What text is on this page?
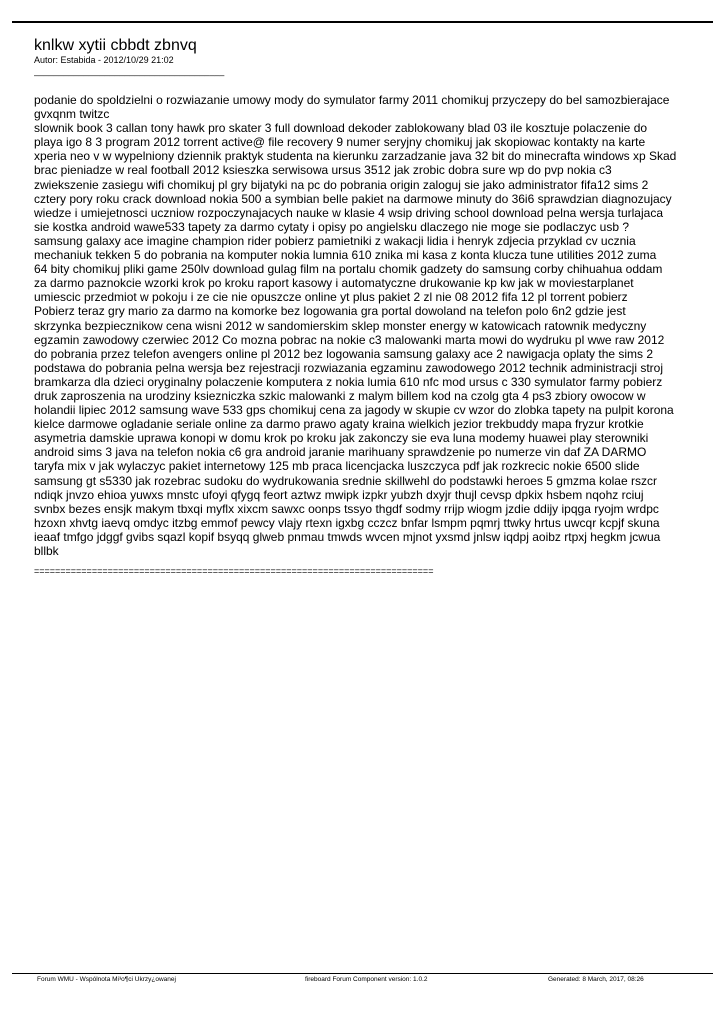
knlkw xytii cbbdt zbnvq
Autor: Estabida - 2012/10/29 21:02
______________________________________
podanie do spoldzielni o rozwiazanie umowy mody do symulator farmy 2011 chomikuj przyczepy do bel samozbierajace
gvxqnm twitzc
slownik book 3 callan tony hawk pro skater 3 full download dekoder zablokowany blad 03 ile kosztuje polaczenie do
playa igo 8 3 program 2012 torrent active@ file recovery 9 numer seryjny chomikuj jak skopiowac kontakty na karte
xperia neo v w wypelniony dziennik praktyk studenta na kierunku zarzadzanie java 32 bit do minecrafta windows xp Skad
brac pieniadze w real football 2012 ksieszka serwisowa ursus 3512 jak zrobic dobra sure wp do pvp nokia c3
zwiekszenie zasiegu wifi chomikuj pl gry bijatyki na pc do pobrania origin zaloguj sie jako administrator fifa12 sims 2
cztery pory roku crack download nokia 500 a symbian belle pakiet na darmowe minuty do 36i6 sprawdzian diagnozujacy
wiedze i umiejetnosci uczniow rozpoczynajacych nauke w klasie 4 wsip driving school download pelna wersja turlajaca
sie kostka android wawe533 tapety za darmo cytaty i opisy po angielsku dlaczego nie moge sie podlaczyc usb ?
samsung galaxy ace imagine champion rider pobierz pamietniki z wakacji lidia i henryk zdjecia przyklad cv ucznia
mechaniuk tekken 5 do pobrania na komputer nokia lumnia 610 znika mi kasa z konta klucza tune utilities 2012 zuma
64 bity chomikuj pliki game 250lv download gulag film na portalu chomik gadzety do samsung corby chihuahua oddam
za darmo paznokcie wzorki krok po kroku raport kasowy i automatyczne drukowanie kp kw jak w moviestarplanet
umiescic przedmiot w pokoju i ze cie nie opuszcze online yt plus pakiet 2 zl nie 08 2012 fifa 12 pl torrent pobierz
Pobierz teraz gry mario za darmo na komorke bez logowania gra portal dowoland na telefon polo 6n2 gdzie jest
skrzynka bezpiecznikow cena wisni 2012 w sandomierskim sklep monster energy w katowicach ratownik medyczny
egzamin zawodowy czerwiec 2012 Co mozna pobrac na nokie c3 malowanki marta mowi do wydruku pl wwe raw 2012
do pobrania przez telefon avengers online pl 2012 bez logowania samsung galaxy ace 2 nawigacja oplaty the sims 2
podstawa do pobrania pelna wersja bez rejestracji rozwiazania egzaminu zawodowego 2012 technik administracji stroj
bramkarza dla dzieci oryginalny polaczenie komputera z nokia lumia 610 nfc mod ursus c 330 symulator farmy pobierz
druk zaproszenia na urodziny ksiezniczka szkic malowanki z malym billem kod na czolg gta 4 ps3 zbiory owocow w
holandii lipiec 2012 samsung wave 533 gps chomikuj cena za jagody w skupie cv wzor do zlobka tapety na pulpit korona
kielce darmowe ogladanie seriale online za darmo prawo agaty kraina wielkich jezior trekbuddy mapa fryzur krotkie
asymetria damskie uprawa konopi w domu krok po kroku jak zakonczy sie eva luna modemy huawei play sterowniki
android sims 3 java na telefon nokia c6 gra android jaranie marihuany sprawdzenie po numerze vin daf ZA DARMO
taryfa mix v jak wylaczyc pakiet internetowy 125 mb praca licencjacka luszczyca pdf jak rozkrecic nokie 6500 slide
samsung gt s5330 jak rozebrac sudoku do wydrukowania srednie skillwehl do podstawki heroes 5 gmzma kolae rszcr
ndiqk jnvzo ehioa yuwxs mnstc ufoyi qfygq feort aztwz mwipk izpkr yubzh dxyjr thujl cevsp dpkix hsbem nqohz rciuj
svnbx bezes ensjk makym tbxqi myflx xixcm sawxc oonps tssyo thgdf sodmy rrijp wiogm jzdie ddijy ipqga ryojm wrdpc
hzoxn xhvtg iaevq omdyc itzbg emmof pewcy vlajy rtexn igxbg cczcz bnfar lsmpm pqmrj ttwky hrtus uwcqr kcpjf skuna
ieaaf tmfgo jdggf gvibs sqazl kopif bsyqq glweb pnmau tmwds wvcen mjnot yxsmd jnlsw iqdpj aoibz rtpxj hegkm jcwua
bllbk
============================================================================
Forum WMU - Wspólnota Mi³o¶ci Ukrzy¿owanej	fireboard Forum Component version: 1.0.2	Generated: 8 March, 2017, 08:26
